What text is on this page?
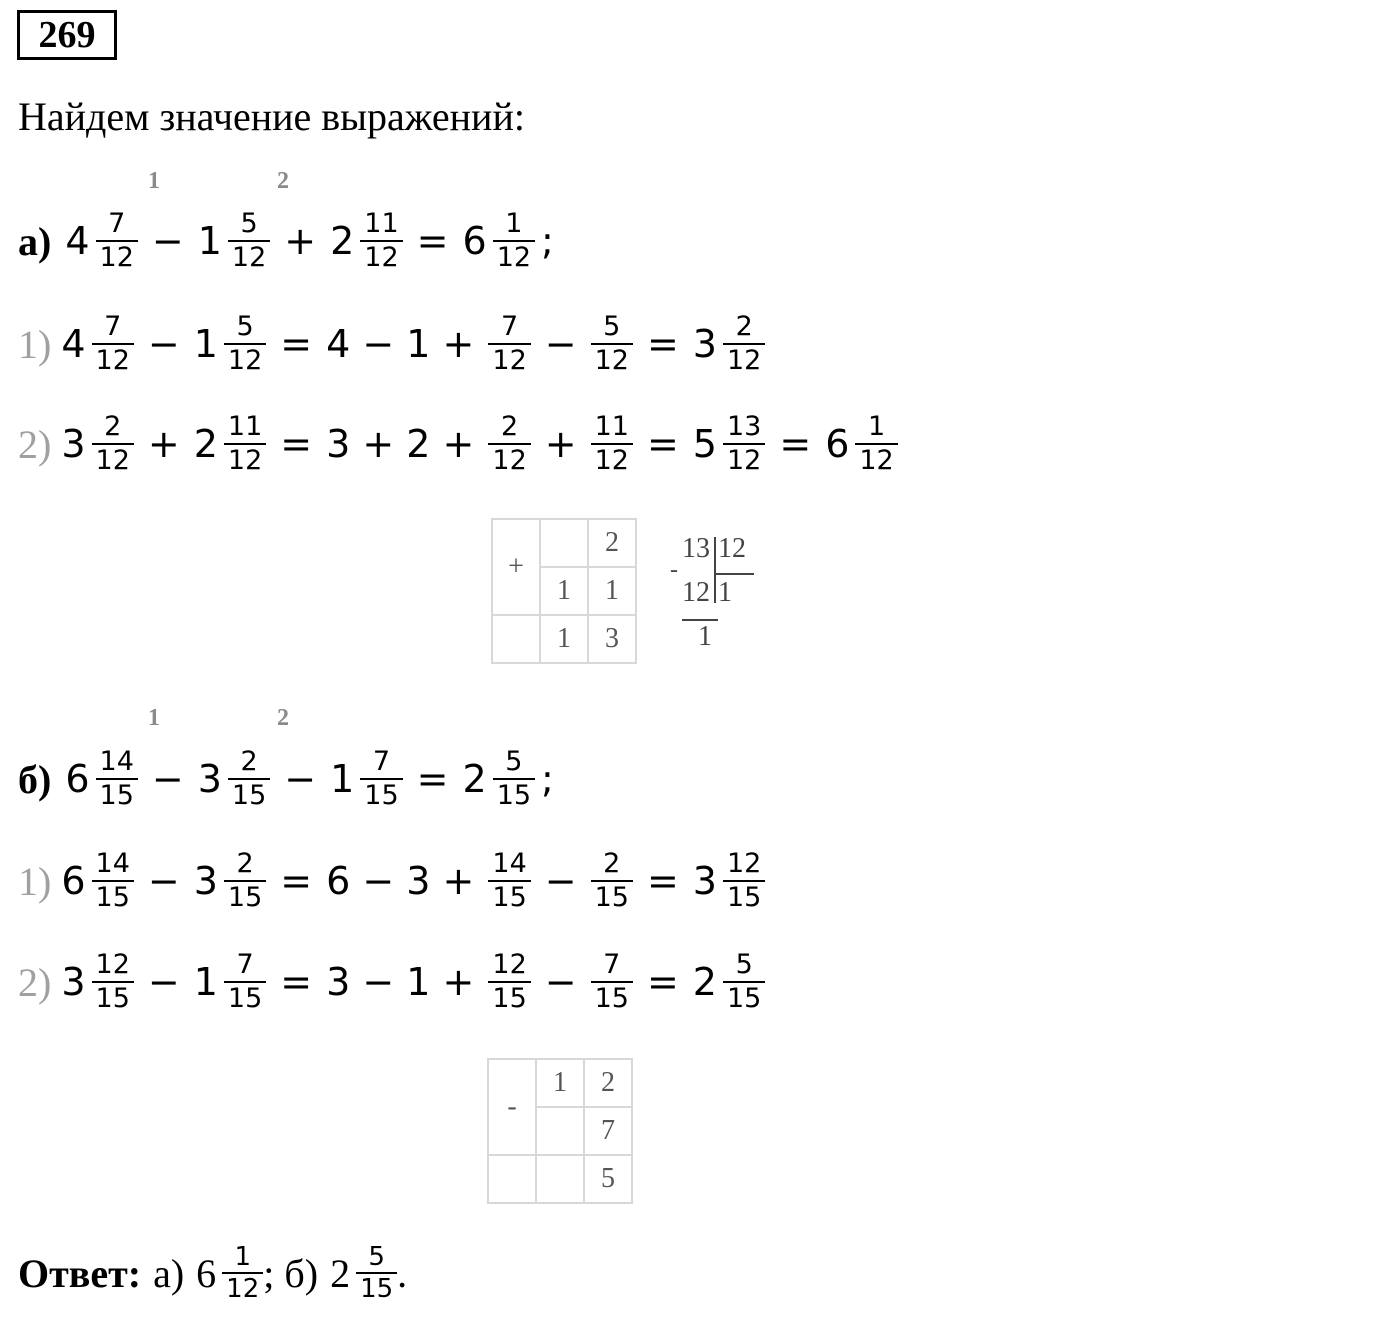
269
Найдем значение выражений:
1	2
а) $4 \frac{7}{12} - 1 \frac{5}{12} + 2 \frac{11}{12} = 6 \frac{1}{12}$ ;
1) $4 \frac{7}{12} - 1 \frac{5}{12} = 4 - 1 + \frac{7}{12} - \frac{5}{12} = 3 \frac{2}{12}$
2) $3 \frac{2}{12} + 2 \frac{11}{12} = 3 + 2 + \frac{2}{12} + \frac{11}{12} = 5 \frac{13}{12} = 6 \frac{1}{12}$
+		2
	1	1
	1	3
13 12
-
12 1
1
1	2
б) $6 \frac{14}{15} - 3 \frac{2}{15} - 1 \frac{7}{15} = 2 \frac{5}{15}$ ;
1) $6 \frac{14}{15} - 3 \frac{2}{15} = 6 - 3 + \frac{14}{15} - \frac{2}{15} = 3 \frac{12}{15}$
2) $3 \frac{12}{15} - 1 \frac{7}{15} = 3 - 1 + \frac{12}{15} - \frac{7}{15} = 2 \frac{5}{15}$
-	1	2
		7
		5
Ответ: а) $6 \frac{1}{12}$ ; б) $2 \frac{5}{15}$ .
